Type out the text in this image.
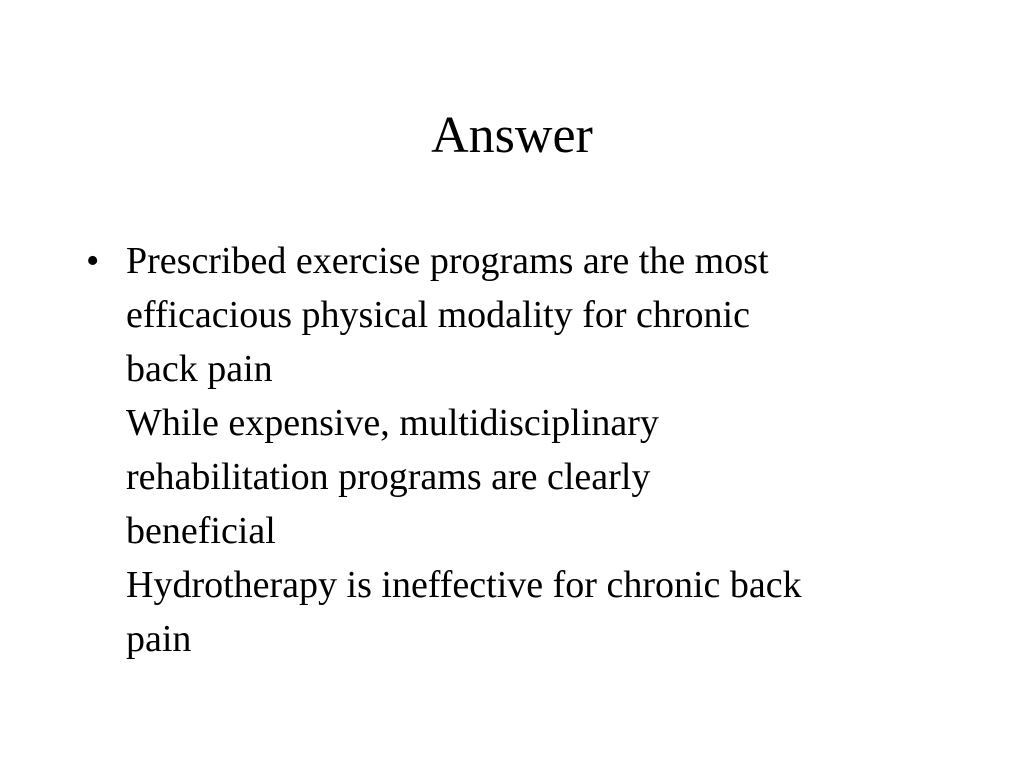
Answer
• Prescribed exercise programs are the most
efficacious physical modality for chronic
back pain
While expensive, multidisciplinary
rehabilitation programs are clearly
beneficial
Hydrotherapy is ineffective for chronic back
pain
